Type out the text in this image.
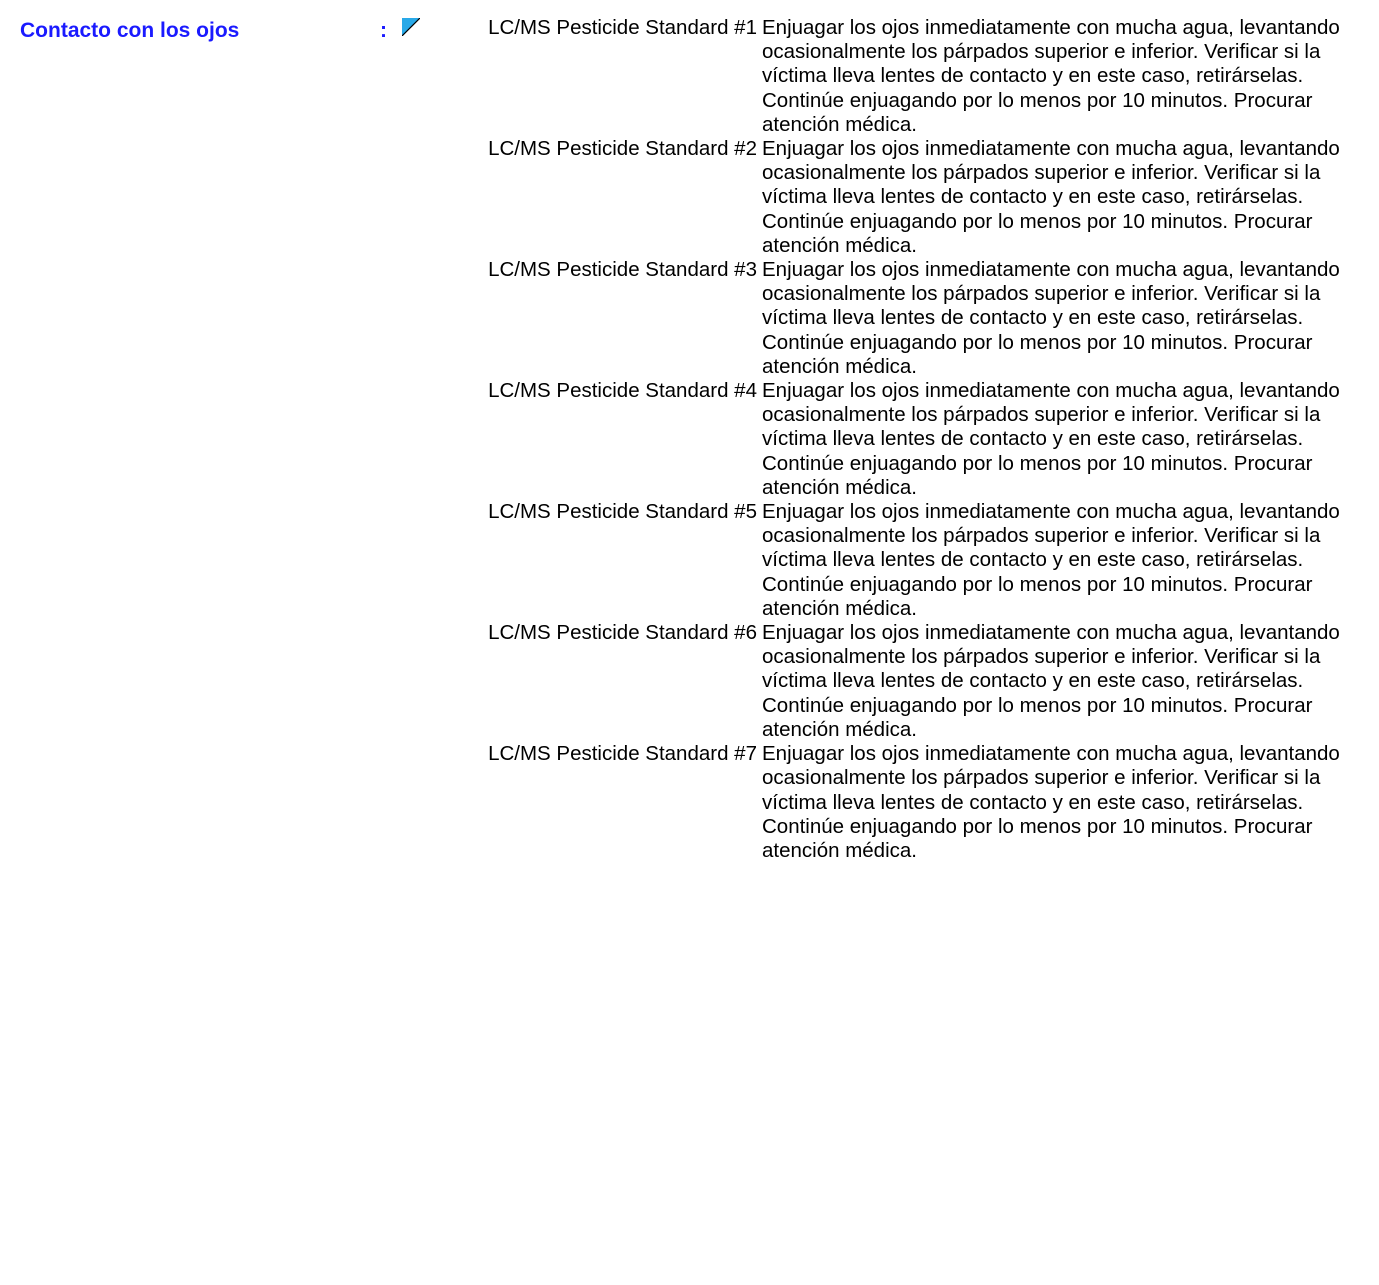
Contacto con los ojos	:	LC/MS Pesticide Standard #1 Enjuagar los ojos inmediatamente con mucha agua, levantando ocasionalmente los párpados superior e inferior. Verificar si la víctima lleva lentes de contacto y en este caso, retirárselas. Continúe enjuagando por lo menos por 10 minutos. Procurar atención médica.
LC/MS Pesticide Standard #2 Enjuagar los ojos inmediatamente con mucha agua, levantando ocasionalmente los párpados superior e inferior. Verificar si la víctima lleva lentes de contacto y en este caso, retirárselas. Continúe enjuagando por lo menos por 10 minutos. Procurar atención médica.
LC/MS Pesticide Standard #3 Enjuagar los ojos inmediatamente con mucha agua, levantando ocasionalmente los párpados superior e inferior. Verificar si la víctima lleva lentes de contacto y en este caso, retirárselas. Continúe enjuagando por lo menos por 10 minutos. Procurar atención médica.
LC/MS Pesticide Standard #4 Enjuagar los ojos inmediatamente con mucha agua, levantando ocasionalmente los párpados superior e inferior. Verificar si la víctima lleva lentes de contacto y en este caso, retirárselas. Continúe enjuagando por lo menos por 10 minutos. Procurar atención médica.
LC/MS Pesticide Standard #5 Enjuagar los ojos inmediatamente con mucha agua, levantando ocasionalmente los párpados superior e inferior. Verificar si la víctima lleva lentes de contacto y en este caso, retirárselas. Continúe enjuagando por lo menos por 10 minutos. Procurar atención médica.
LC/MS Pesticide Standard #6 Enjuagar los ojos inmediatamente con mucha agua, levantando ocasionalmente los párpados superior e inferior. Verificar si la víctima lleva lentes de contacto y en este caso, retirárselas. Continúe enjuagando por lo menos por 10 minutos. Procurar atención médica.
LC/MS Pesticide Standard #7 Enjuagar los ojos inmediatamente con mucha agua, levantando ocasionalmente los párpados superior e inferior. Verificar si la víctima lleva lentes de contacto y en este caso, retirárselas. Continúe enjuagando por lo menos por 10 minutos. Procurar atención médica.
